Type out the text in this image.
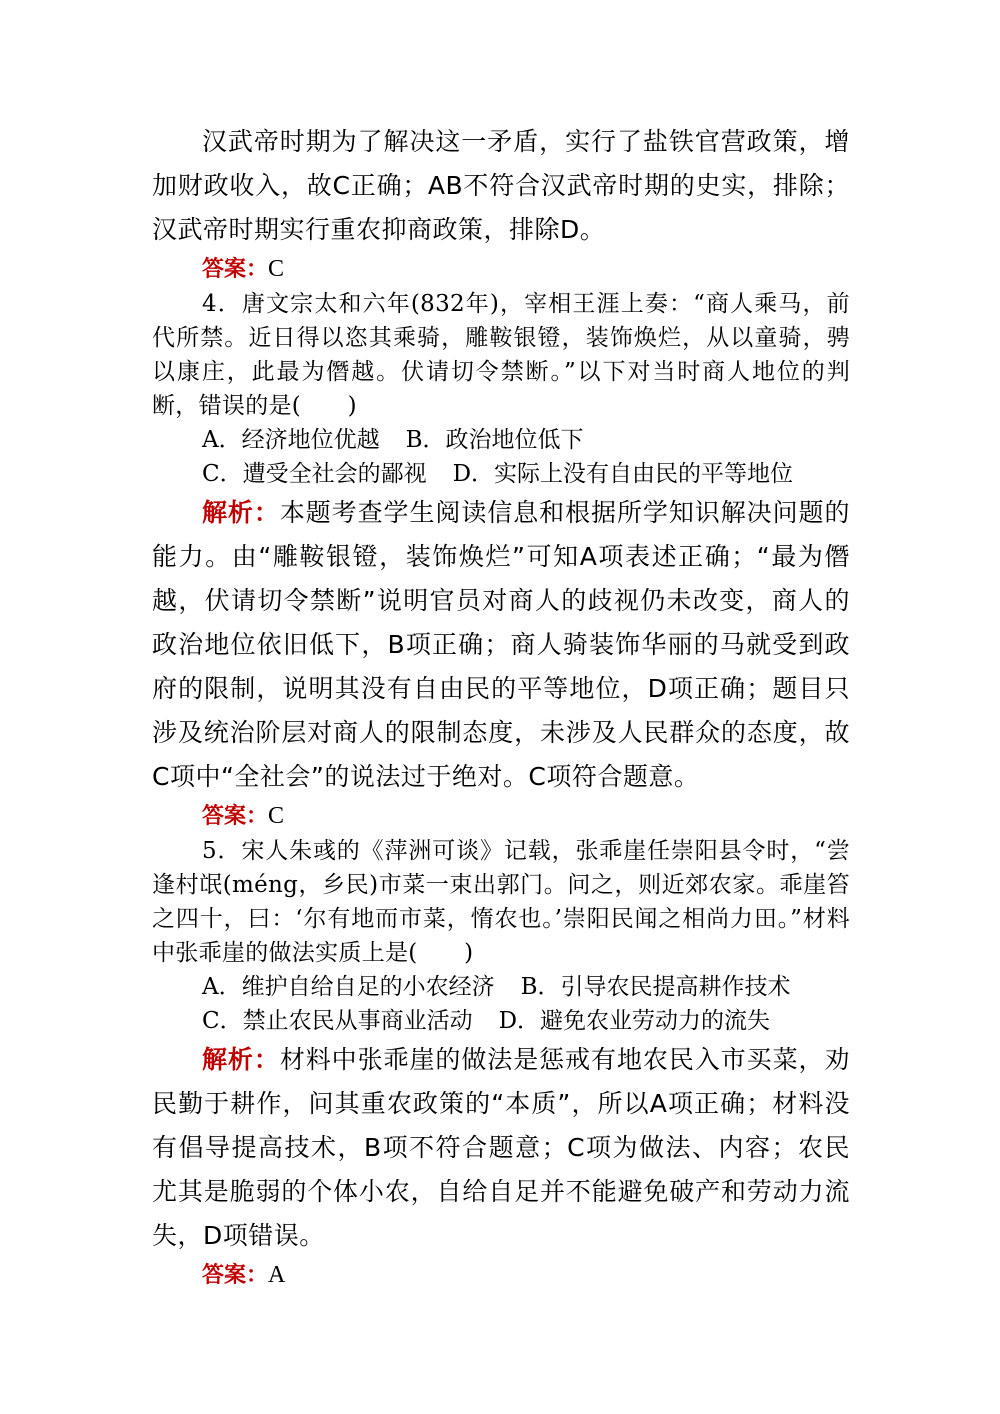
汉武帝时期为了解决这一矛盾，实行了盐铁官营政策，增加财政收入，故C正确；AB不符合汉武帝时期的史实，排除；汉武帝时期实行重农抑商政策，排除D。

答案：C

4．唐文宗太和六年(832年)，宰相王涯上奏：“商人乘马，前代所禁。近日得以恣其乘骑，雕鞍银镫，装饰焕烂，从以童骑，骋以康庄，此最为僭越。伏请切令禁断。”以下对当时商人地位的判断，错误的是(　　)

A．经济地位优越 B．政治地位低下

C．遭受全社会的鄙视 D．实际上没有自由民的平等地位

解析：本题考查学生阅读信息和根据所学知识解决问题的能力。由“雕鞍银镫，装饰焕烂”可知A项表述正确；“最为僭越，伏请切令禁断”说明官员对商人的歧视仍未改变，商人的政治地位依旧低下，B项正确；商人骑装饰华丽的马就受到政府的限制，说明其没有自由民的平等地位，D项正确；题目只涉及统治阶层对商人的限制态度，未涉及人民群众的态度，故C项中“全社会”的说法过于绝对。C项符合题意。

答案：C

5．宋人朱彧的《萍洲可谈》记载，张乖崖任崇阳县令时，“尝逢村氓(méng，乡民)市菜一束出郭门。问之，则近郊农家。乖崖笞之四十，曰：‘尔有地而市菜，惰农也。’崇阳民闻之相尚力田。”材料中张乖崖的做法实质上是(　　)

A．维护自给自足的小农经济 B．引导农民提高耕作技术

C．禁止农民从事商业活动 D．避免农业劳动力的流失

解析：材料中张乖崖的做法是惩戒有地农民入市买菜，劝民勤于耕作，问其重农政策的“本质”，所以A项正确；材料没有倡导提高技术，B项不符合题意；C项为做法、内容；农民尤其是脆弱的个体小农，自给自足并不能避免破产和劳动力流失，D项错误。

答案：A
